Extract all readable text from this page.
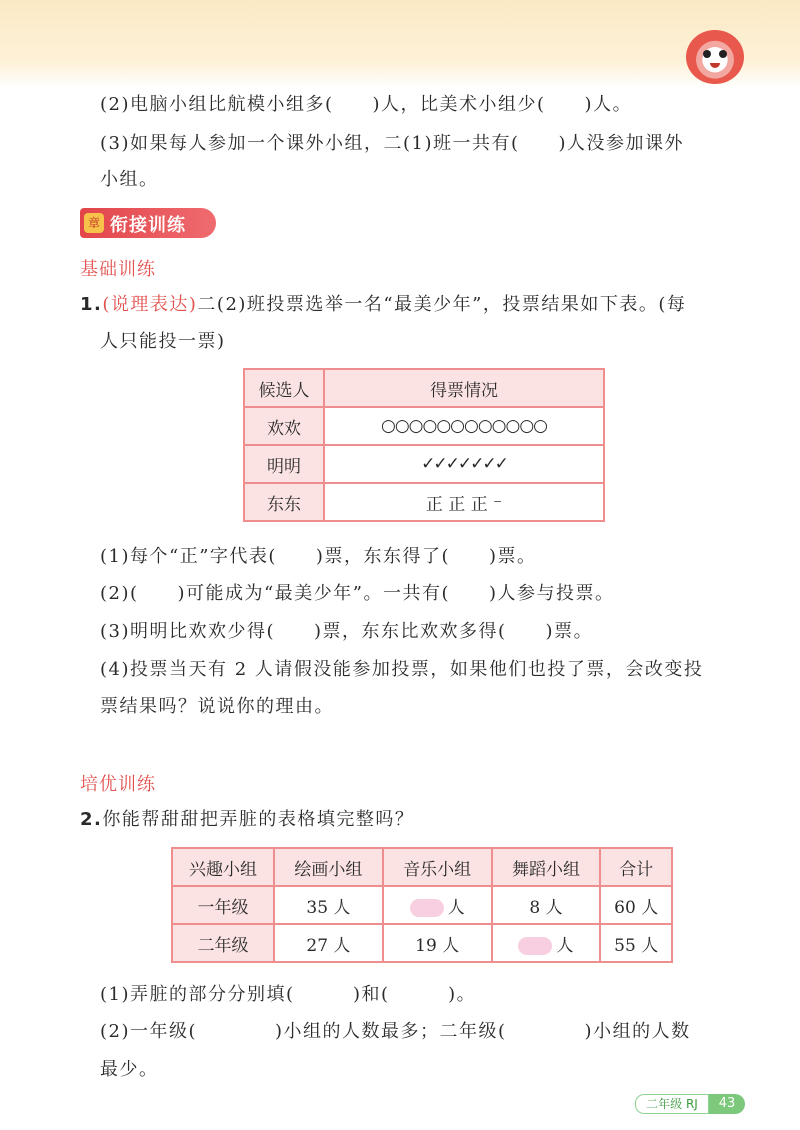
(2)电脑小组比航模小组多(　　)人，比美术小组少(　　)人。
(3)如果每人参加一个课外小组，二(1)班一共有(　　)人没参加课外
小组。
章 衔接训练
基础训练
1.(说理表达)二(2)班投票选举一名“最美少年”，投票结果如下表。(每
人只能投一票)
候选人	得票情况
欢欢	○○○○○○○○○○○○
明明	✓✓✓✓✓✓✓
东东	正 正 正 ⁻
(1)每个“正”字代表(　　)票，东东得了(　　)票。
(2)(　　)可能成为“最美少年”。一共有(　　)人参与投票。
(3)明明比欢欢少得(　　)票，东东比欢欢多得(　　)票。
(4)投票当天有 2 人请假没能参加投票，如果他们也投了票，会改变投
票结果吗？说说你的理由。
培优训练
2.你能帮甜甜把弄脏的表格填完整吗？
兴趣小组	绘画小组	音乐小组	舞蹈小组	合计
一年级	35 人	人	8 人	60 人
二年级	27 人	19 人	人	55 人
(1)弄脏的部分分别填(　　　)和(　　　)。
(2)一年级(　　　　)小组的人数最多；二年级(　　　　)小组的人数
最少。
二年级 RJ	43
